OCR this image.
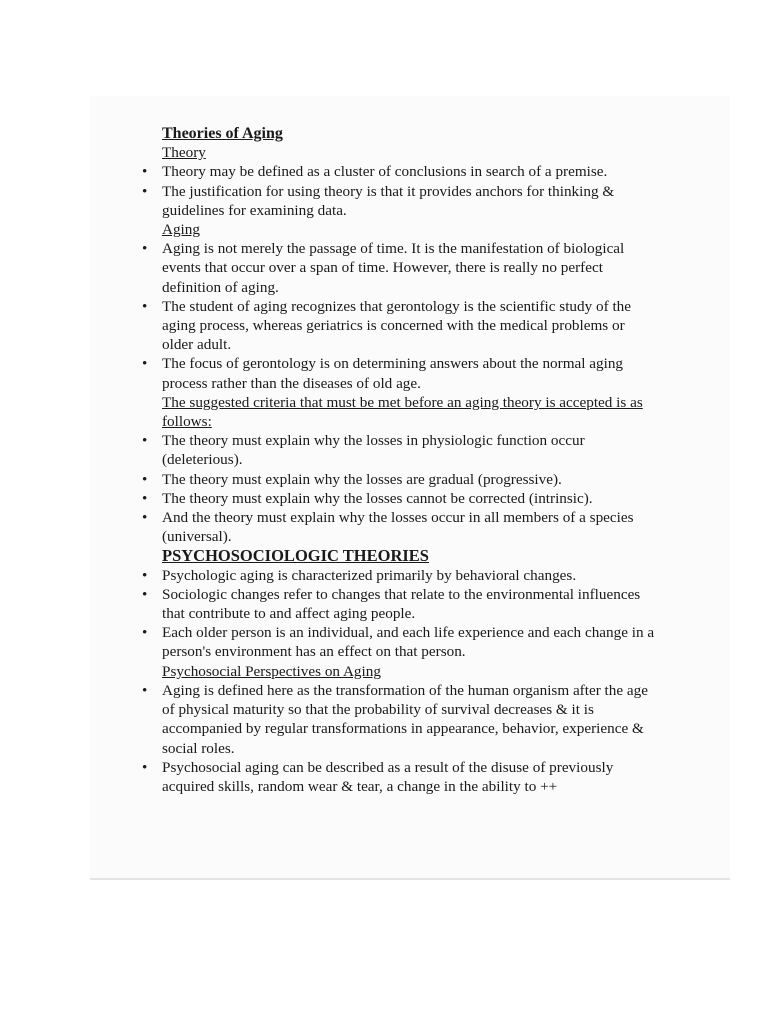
Theories of Aging
Theory
• Theory may be defined as a cluster of conclusions in search of a premise.
• The justification for using theory is that it provides anchors for thinking & guidelines for examining data.
Aging
• Aging is not merely the passage of time. It is the manifestation of biological events that occur over a span of time. However, there is really no perfect definition of aging.
• The student of aging recognizes that gerontology is the scientific study of the aging process, whereas geriatrics is concerned with the medical problems or older adult.
• The focus of gerontology is on determining answers about the normal aging process rather than the diseases of old age.
The suggested criteria that must be met before an aging theory is accepted is as follows:
• The theory must explain why the losses in physiologic function occur (deleterious).
• The theory must explain why the losses are gradual (progressive).
• The theory must explain why the losses cannot be corrected (intrinsic).
• And the theory must explain why the losses occur in all members of a species (universal).
PSYCHOSOCIOLOGIC THEORIES
• Psychologic aging is characterized primarily by behavioral changes.
• Sociologic changes refer to changes that relate to the environmental influences that contribute to and affect aging people.
• Each older person is an individual, and each life experience and each change in a person's environment has an effect on that person.
Psychosocial Perspectives on Aging
• Aging is defined here as the transformation of the human organism after the age of physical maturity so that the probability of survival decreases & it is accompanied by regular transformations in appearance, behavior, experience & social roles.
• Psychosocial aging can be described as a result of the disuse of previously acquired skills, random wear & tear, a change in the ability to ++
